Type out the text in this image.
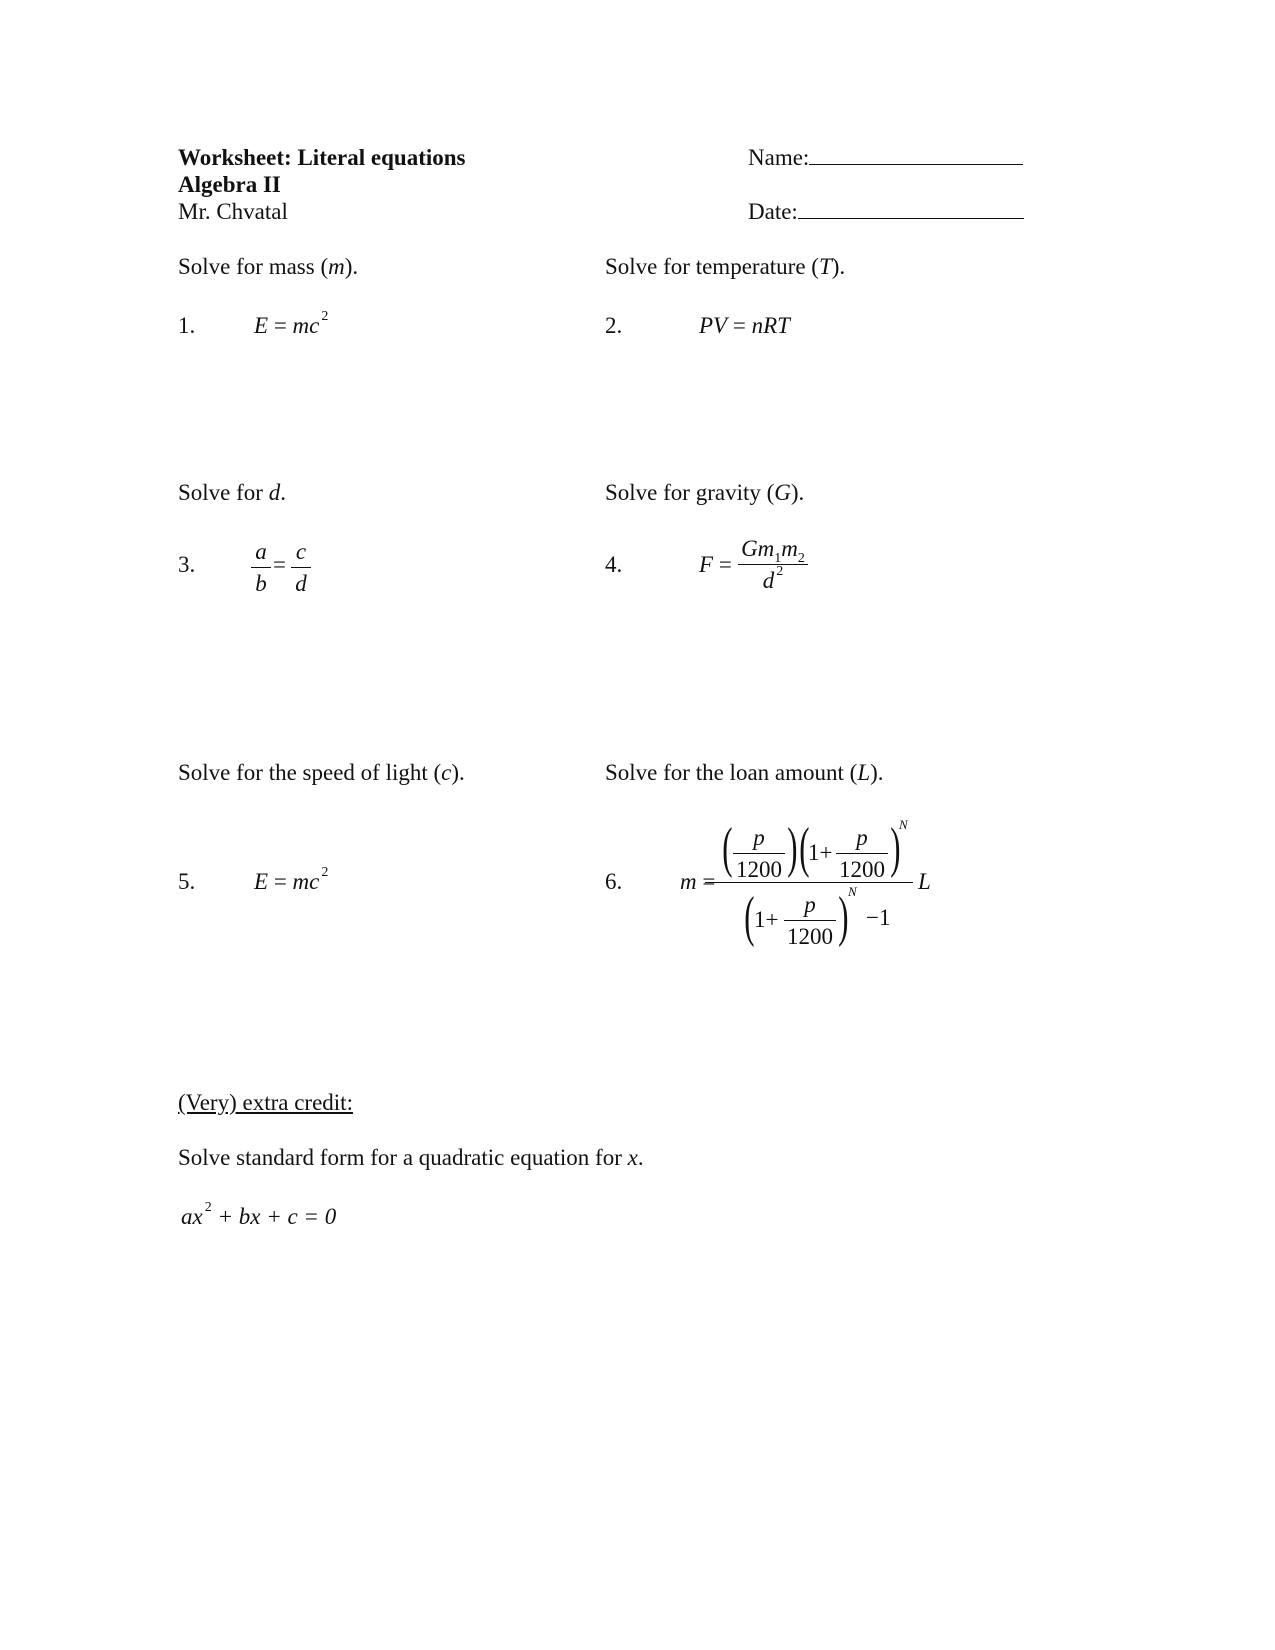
Worksheet: Literal equations
Algebra II
Mr. Chvatal
Name:
Date:
Solve for mass (m).
1.	E = mc $^2$
Solve for temperature (T).
2.	PV = nRT
Solve for d.
3.
a
b
=
c
d
Solve for gravity (G).
4.	F =
$Gm_1m_2$
d $^2$
Solve for the speed of light (c).
5.	E = mc $^2$
Solve for the loan amount (L).
6.	m =
( p
1200 ) (
1+
p
1200 )
N
( 1+
p
1200 ) N
−1
L
(Very) extra credit:
Solve standard form for a quadratic equation for x.
ax $^2$ + bx + c = 0
